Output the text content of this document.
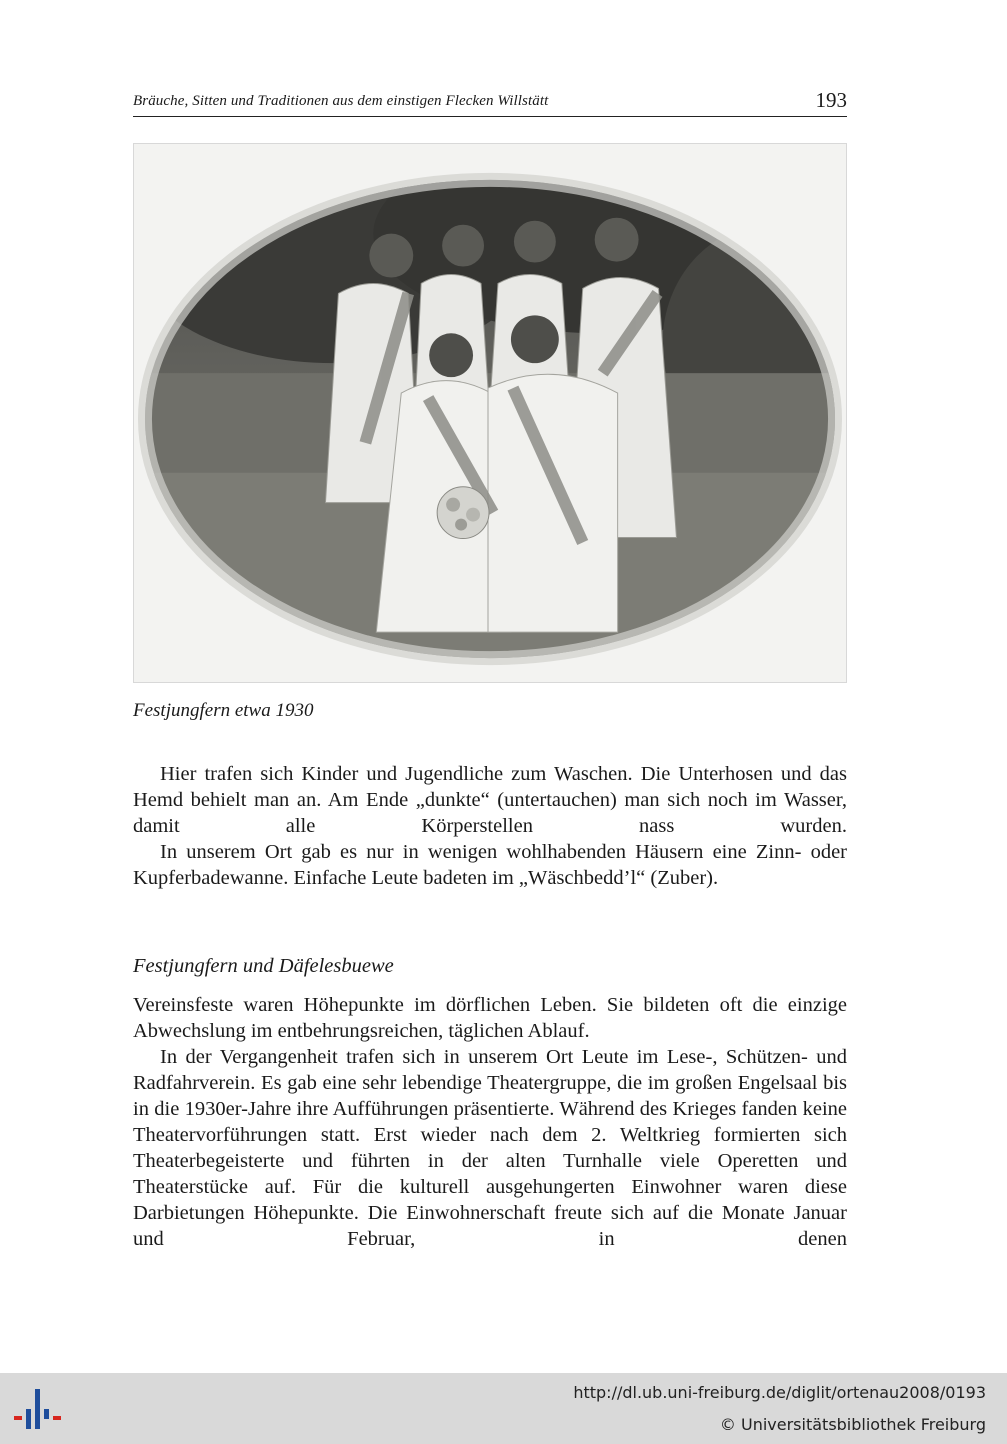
Bräuche, Sitten und Traditionen aus dem einstigen Flecken Willstätt	193
Festjungfern etwa 1930

Hier trafen sich Kinder und Jugendliche zum Waschen. Die Unterhosen und das Hemd behielt man an. Am Ende „dunkte“ (untertauchen) man sich noch im Wasser, damit alle Körperstellen nass wurden.

In unserem Ort gab es nur in wenigen wohlhabenden Häusern eine Zinn- oder Kupferbadewanne. Einfache Leute badeten im „Wäschbedd’l“ (Zuber).

Festjungfern und Däfelesbuewe

Vereinsfeste waren Höhepunkte im dörflichen Leben. Sie bildeten oft die einzige Abwechslung im entbehrungsreichen, täglichen Ablauf.

In der Vergangenheit trafen sich in unserem Ort Leute im Lese-, Schützen- und Radfahrverein. Es gab eine sehr lebendige Theatergruppe, die im großen Engelsaal bis in die 1930er-Jahre ihre Aufführungen präsentierte. Während des Krieges fanden keine Theatervorführungen statt. Erst wieder nach dem 2. Weltkrieg formierten sich Theaterbegeisterte und führten in der alten Turnhalle viele Operetten und Theaterstücke auf. Für die kulturell ausgehungerten Einwohner waren diese Darbietungen Höhepunkte. Die Einwohnerschaft freute sich auf die Monate Januar und Februar, in denen

http://dl.ub.uni-freiburg.de/diglit/ortenau2008/0193
© Universitätsbibliothek Freiburg
